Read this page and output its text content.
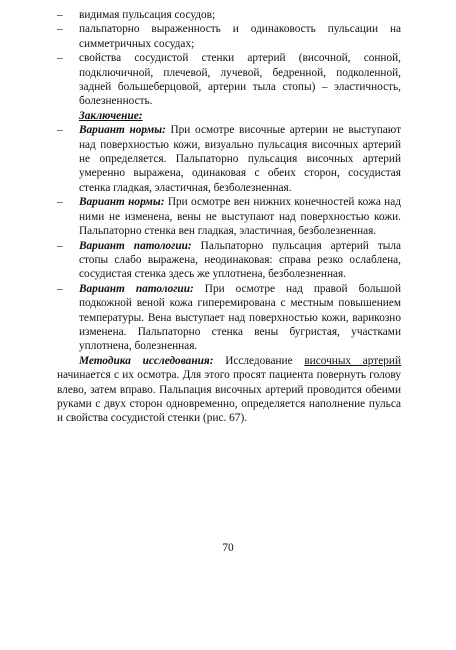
– видимая пульсация сосудов;
– пальпаторно выраженность и одинаковость пульсации на симметричных сосудах;
– свойства сосудистой стенки артерий (височной, сонной, подключичной, плечевой, лучевой, бедренной, подколенной, задней большеберцовой, артерии тыла стопы) – эластичность, болезненность.
Заключение:
– Вариант нормы: При осмотре височные артерии не выступают над поверхностью кожи, визуально пульсация височных артерий не определяется. Пальпаторно пульсация височных артерий умеренно выражена, одинаковая с обеих сторон, сосудистая стенка гладкая, эластичная, безболезненная.
– Вариант нормы: При осмотре вен нижних конечностей кожа над ними не изменена, вены не выступают над поверхностью кожи. Пальпаторно стенка вен гладкая, эластичная, безболезненная.
– Вариант патологии: Пальпаторно пульсация артерий тыла стопы слабо выражена, неодинаковая: справа резко ослаблена, сосудистая стенка здесь же уплотнена, безболезненная.
– Вариант патологии: При осмотре над правой большой подкожной веной кожа гиперемирована с местным повышением температуры. Вена выступает над поверхностью кожи, варикозно изменена. Пальпаторно стенка вены бугристая, участками уплотнена, болезненная.
Методика исследования: Исследование височных артерий начинается с их осмотра. Для этого просят пациента повернуть голову влево, затем вправо. Пальпация височных артерий проводится обеими руками с двух сторон одновременно, определяется наполнение пульса и свойства сосудистой стенки (рис. 67).
70
